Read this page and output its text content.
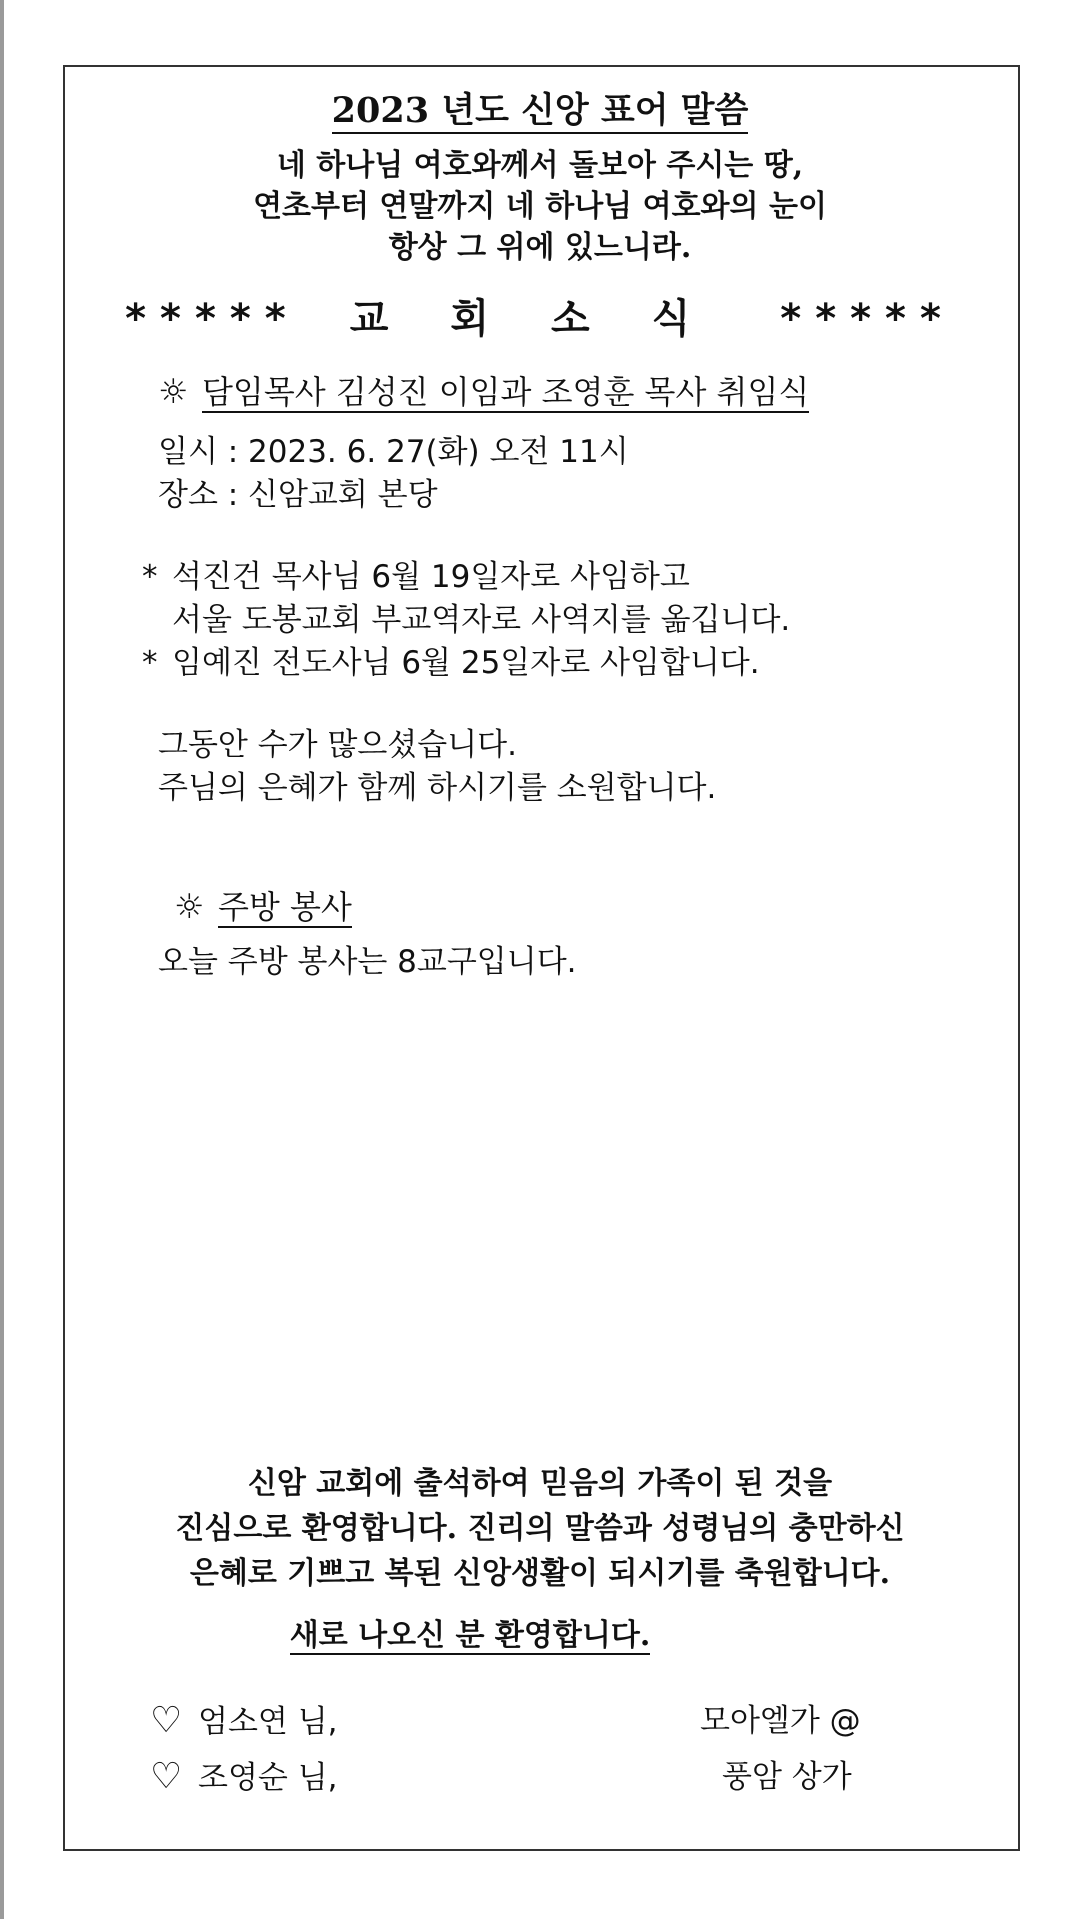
2023 년도 신앙 표어 말씀
네 하나님 여호와께서 돌보아 주시는 땅,
연초부터 연말까지 네 하나님 여호와의 눈이
항상 그 위에 있느니라.
***** 교회소식 *****
☼ 담임목사 김성진 이임과 조영훈 목사 취임식
일시 : 2023. 6. 27(화) 오전 11시
장소 : 신암교회 본당
* 석진건 목사님 6월 19일자로 사임하고
서울 도봉교회 부교역자로 사역지를 옮깁니다.
* 임예진 전도사님 6월 25일자로 사임합니다.
그동안 수가 많으셨습니다.
주님의 은혜가 함께 하시기를 소원합니다.
☼ 주방 봉사
오늘 주방 봉사는 8교구입니다.
신암 교회에 출석하여 믿음의 가족이 된 것을
진심으로 환영합니다. 진리의 말씀과 성령님의 충만하신
은혜로 기쁘고 복된 신앙생활이 되시기를 축원합니다.
새로 나오신 분 환영합니다.
♡ 엄소연 님,	모아엘가 @
♡ 조영순 님,	풍암 상가
